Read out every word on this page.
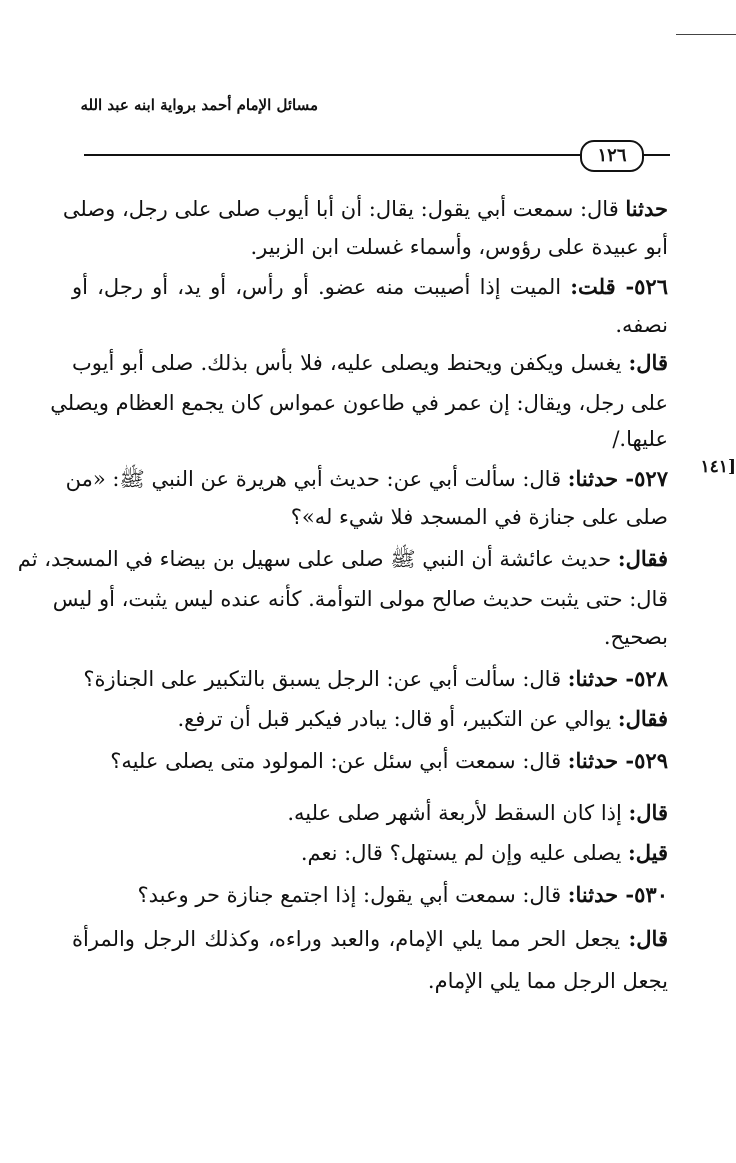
مسائل الإمام أحمد برواية ابنه عبد الله
١٢٦
[١٤١
حدثنا قال: سمعت أبي يقول: يقال: أن أبا أيوب صلى على رجل، وصلى
أبو عبيدة على رؤوس، وأسماء غسلت ابن الزبير.
٥٢٦- قلت: الميت إذا أصيبت منه عضو. أو رأس، أو يد، أو رجل، أو
نصفه.
قال: يغسل ويكفن ويحنط ويصلى عليه، فلا بأس بذلك. صلى أبو أيوب
على رجل، ويقال: إن عمر في طاعون عمواس كان يجمع العظام ويصلي
عليها./
٥٢٧- حدثنا: قال: سألت أبي عن: حديث أبي هريرة عن النبي ﷺ: «من
صلى على جنازة في المسجد فلا شيء له»؟
فقال: حديث عائشة أن النبي ﷺ صلى على سهيل بن بيضاء في المسجد، ثم
قال: حتى يثبت حديث صالح مولى التوأمة. كأنه عنده ليس يثبت، أو ليس
بصحيح.
٥٢٨- حدثنا: قال: سألت أبي عن: الرجل يسبق بالتكبير على الجنازة؟
فقال: يوالي عن التكبير، أو قال: يبادر فيكبر قبل أن ترفع.
٥٢٩- حدثنا: قال: سمعت أبي سئل عن: المولود متى يصلى عليه؟
قال: إذا كان السقط لأربعة أشهر صلى عليه.
قيل: يصلى عليه وإن لم يستهل؟ قال: نعم.
٥٣٠- حدثنا: قال: سمعت أبي يقول: إذا اجتمع جنازة حر وعبد؟
قال: يجعل الحر مما يلي الإمام، والعبد وراءه، وكذلك الرجل والمرأة
يجعل الرجل مما يلي الإمام.
